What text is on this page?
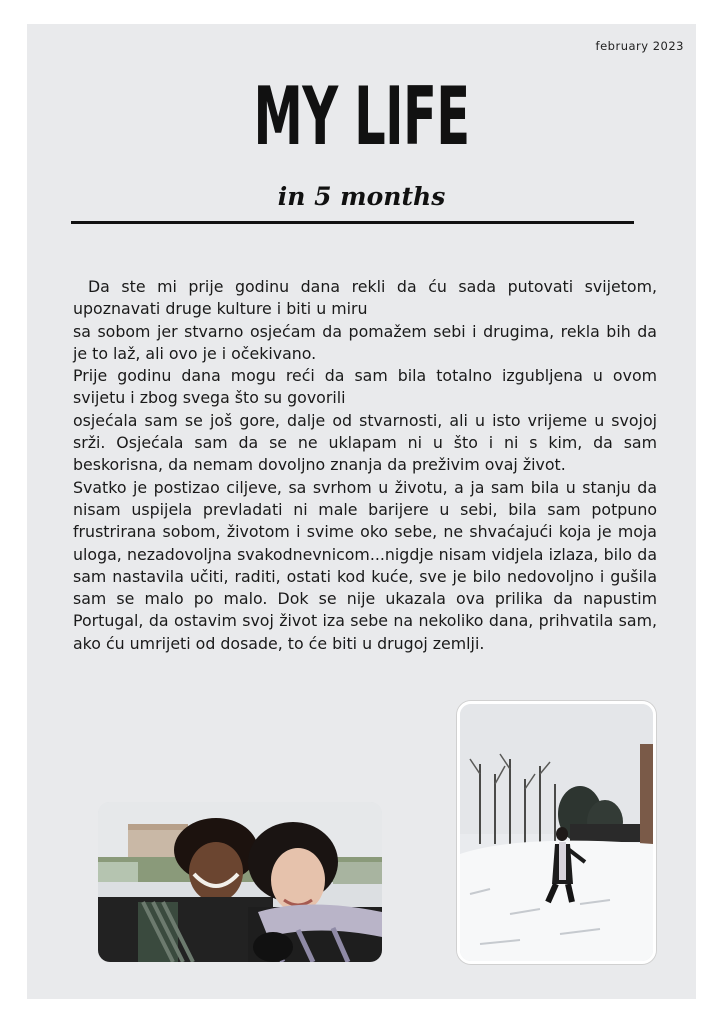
february 2023
MY LIFE
in 5 months

Da ste mi prije godinu dana rekli da ću sada putovati svijetom, upoznavati druge kulture i biti u miru

sa sobom jer stvarno osjećam da pomažem sebi i drugima, rekla bih da je to laž, ali ovo je i očekivano.

Prije godinu dana mogu reći da sam bila totalno izgubljena u ovom svijetu i zbog svega što su govorili

osjećala sam se još gore, dalje od stvarnosti, ali u isto vrijeme u svojoj srži. Osjećala sam da se ne uklapam ni u što i ni s kim, da sam beskorisna, da nemam dovoljno znanja da preživim ovaj život.

Svatko je postizao ciljeve, sa svrhom u životu, a ja sam bila u stanju da nisam uspijela prevladati ni male barijere u sebi, bila sam potpuno frustrirana sobom, životom i svime oko sebe, ne shvaćajući koja je moja uloga, nezadovoljna svakodnevnicom...nigdje nisam vidjela izlaza, bilo da sam nastavila učiti, raditi, ostati kod kuće, sve je bilo nedovoljno i gušila sam se malo po malo. Dok se nije ukazala ova prilika da napustim Portugal, da ostavim svoj život iza sebe na nekoliko dana, prihvatila sam, ako ću umrijeti od dosade, to će biti u drugoj zemlji.
